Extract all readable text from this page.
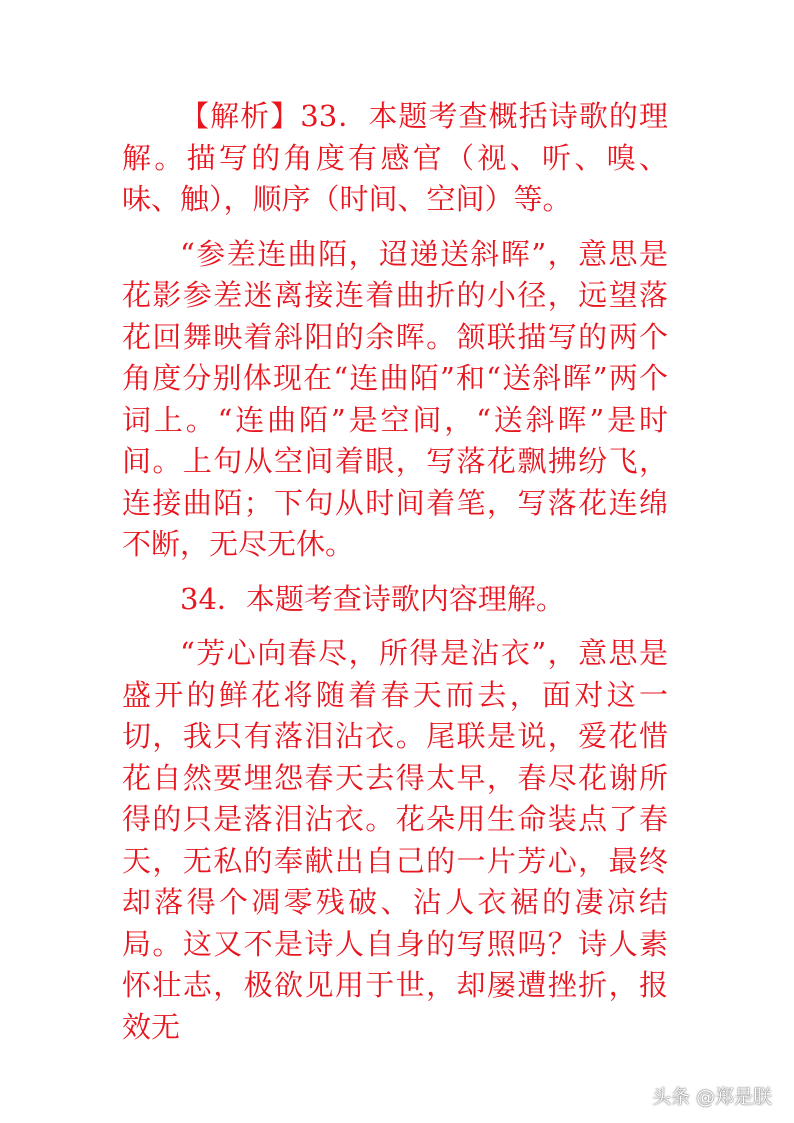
【解析】33．本题考查概括诗歌的理解。描写的角度有感官（视、听、嗅、味、触），顺序（时间、空间）等。

“参差连曲陌，迢递送斜晖”，意思是花影参差迷离接连着曲折的小径，远望落花回舞映着斜阳的余晖。颔联描写的两个角度分别体现在“连曲陌”和“送斜晖”两个词上。“连曲陌”是空间，“送斜晖”是时间。上句从空间着眼，写落花飘拂纷飞，连接曲陌；下句从时间着笔，写落花连绵不断，无尽无休。

34．本题考查诗歌内容理解。

“芳心向春尽，所得是沾衣”，意思是盛开的鲜花将随着春天而去，面对这一切，我只有落泪沾衣。尾联是说，爱花惜花自然要埋怨春天去得太早，春尽花谢所得的只是落泪沾衣。花朵用生命装点了春天，无私的奉献出自己的一片芳心，最终却落得个凋零残破、沾人衣裾的凄凉结局。这又不是诗人自身的写照吗？诗人素怀壮志，极欲见用于世，却屡遭挫折，报效无

头条 @郑是朕
